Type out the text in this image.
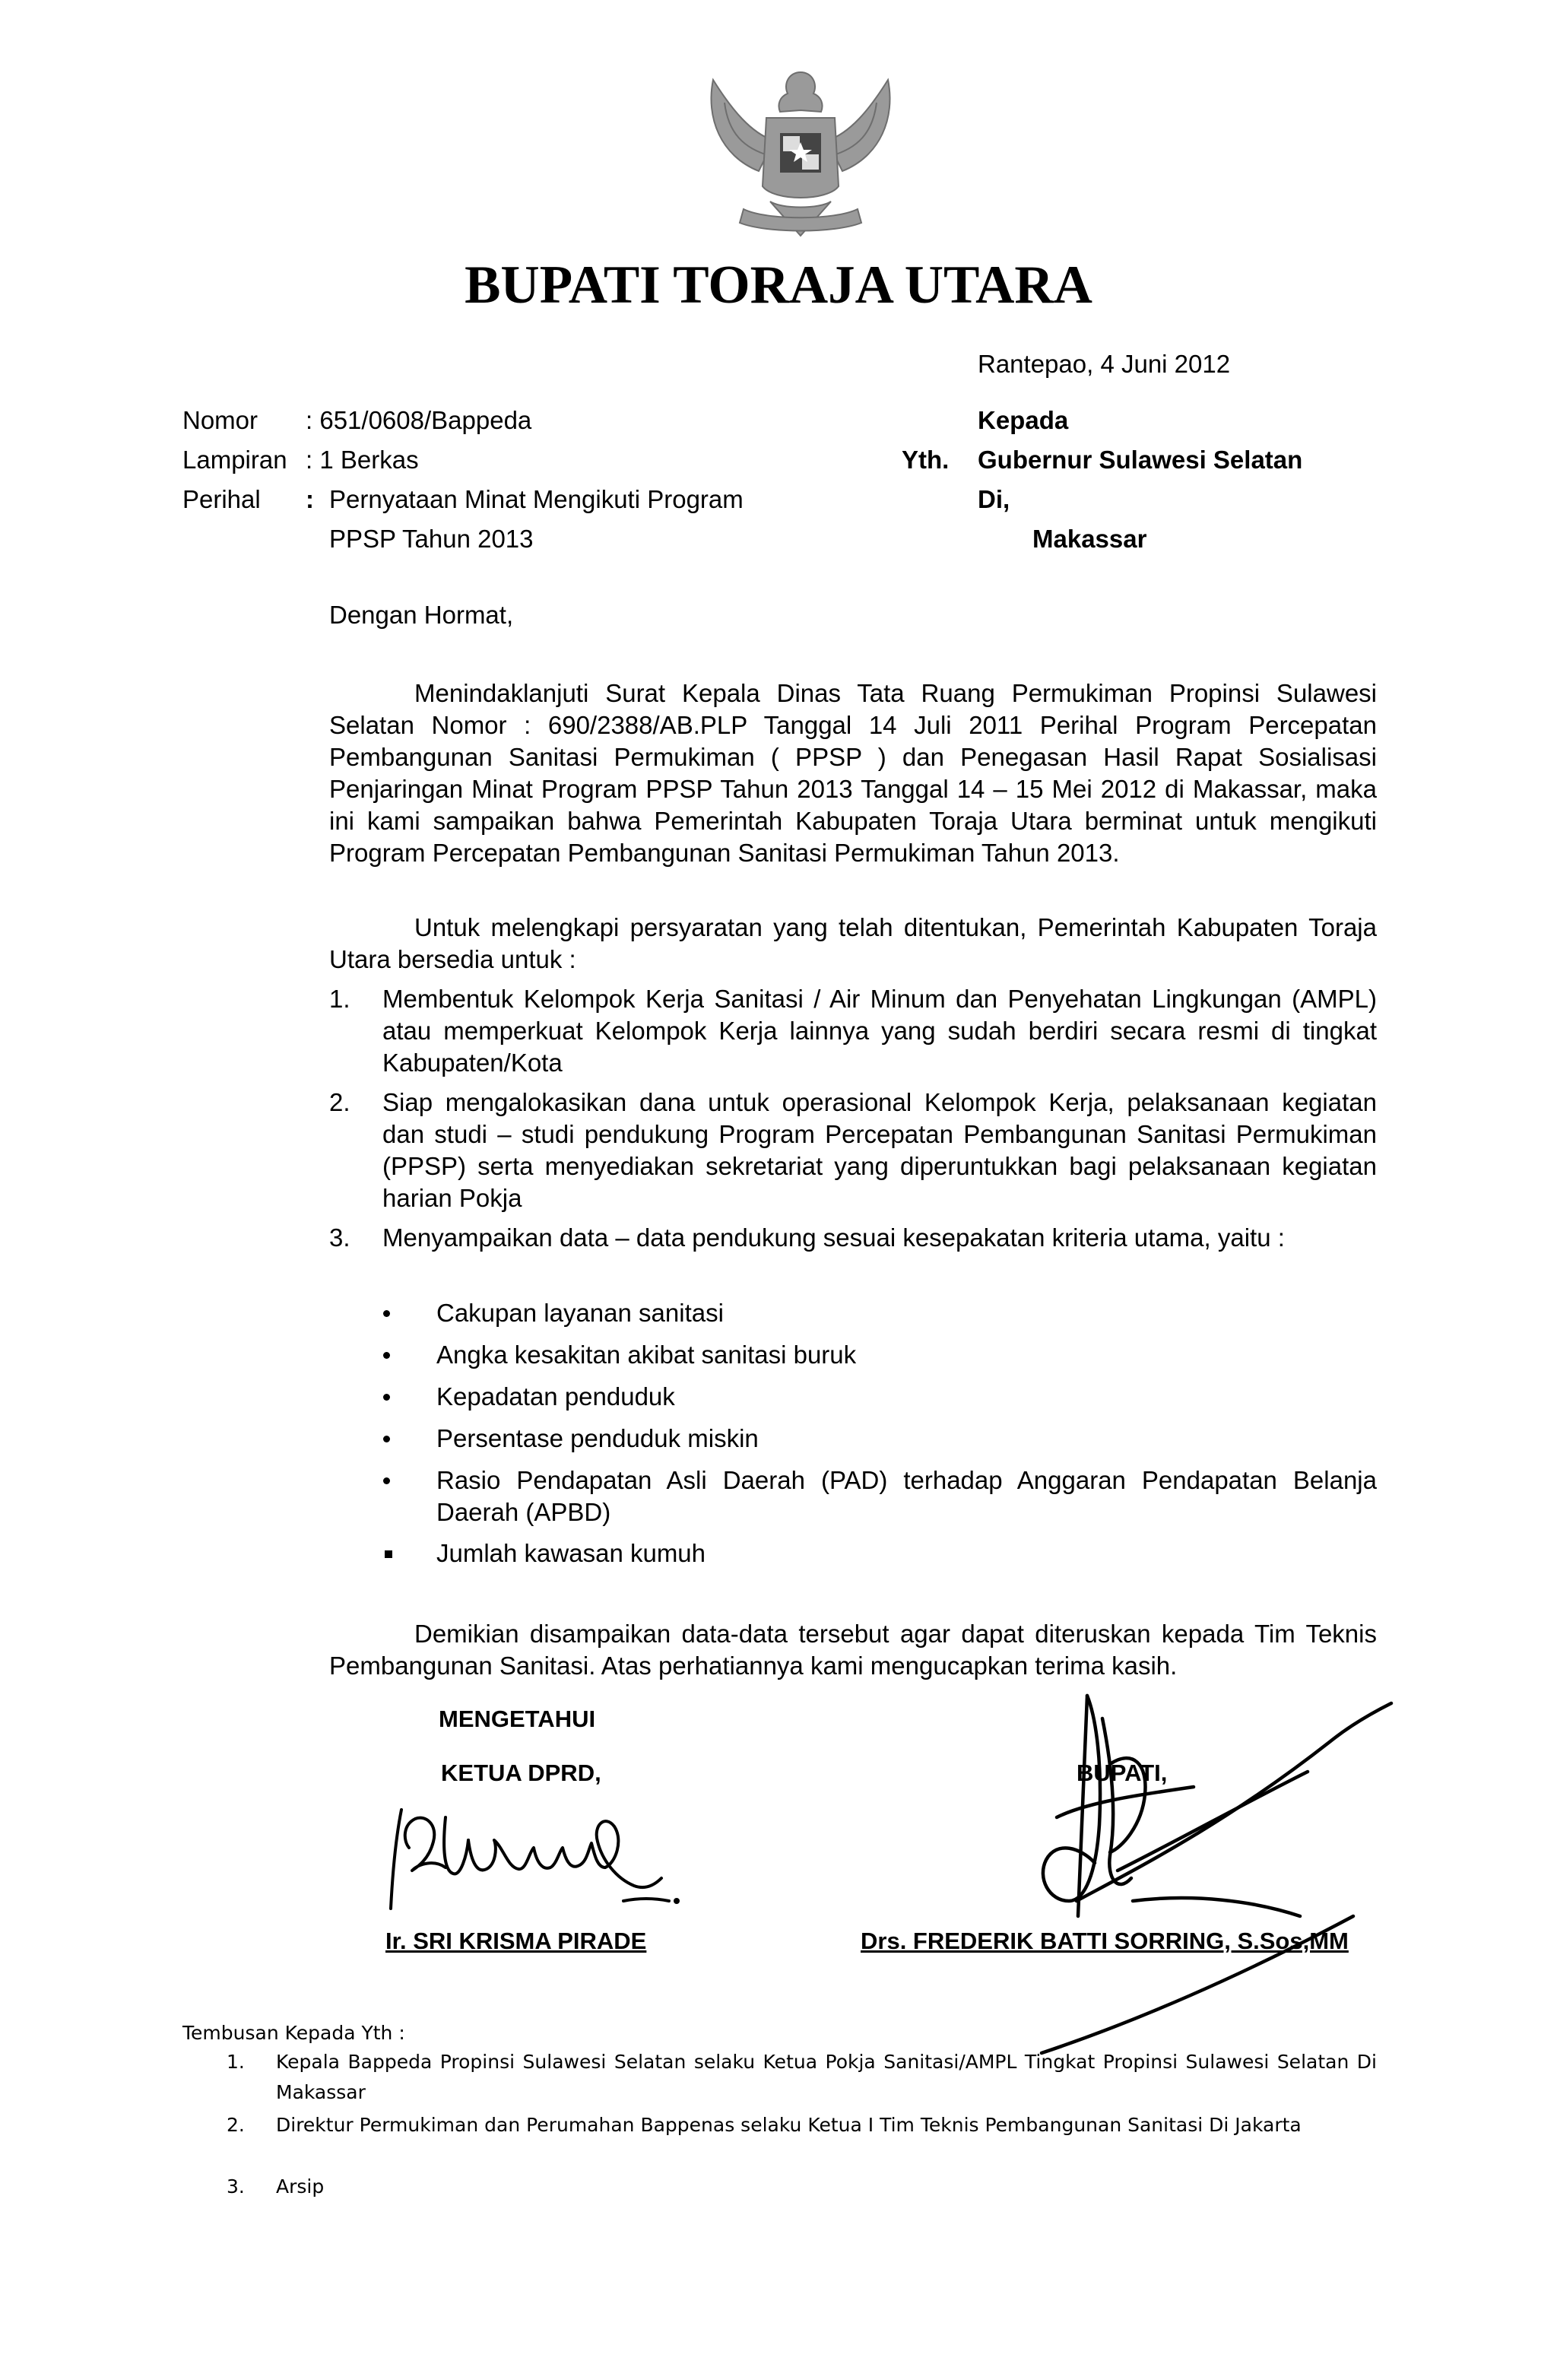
BUPATI TORAJA UTARA
Rantepao, 4 Juni 2012
Nomor : 651/0608/Bappeda
Lampiran : 1 Berkas
Perihal : Pernyataan Minat Mengikuti Program
PPSP Tahun 2013
Kepada
Yth. Gubernur Sulawesi Selatan
Di,
Makassar
Dengan Hormat,
Menindaklanjuti Surat Kepala Dinas Tata Ruang Permukiman Propinsi Sulawesi Selatan Nomor : 690/2388/AB.PLP Tanggal 14 Juli 2011 Perihal Program Percepatan Pembangunan Sanitasi Permukiman ( PPSP ) dan Penegasan Hasil Rapat Sosialisasi Penjaringan Minat Program PPSP Tahun 2013 Tanggal 14 – 15 Mei 2012 di Makassar, maka ini kami sampaikan bahwa Pemerintah Kabupaten Toraja Utara berminat untuk mengikuti Program Percepatan Pembangunan Sanitasi Permukiman Tahun 2013.
Untuk melengkapi persyaratan yang telah ditentukan, Pemerintah Kabupaten Toraja Utara bersedia untuk :
1. Membentuk Kelompok Kerja Sanitasi / Air Minum dan Penyehatan Lingkungan (AMPL) atau memperkuat Kelompok Kerja lainnya yang sudah berdiri secara resmi di tingkat Kabupaten/Kota
2. Siap mengalokasikan dana untuk operasional Kelompok Kerja, pelaksanaan kegiatan dan studi – studi pendukung Program Percepatan Pembangunan Sanitasi Permukiman (PPSP) serta menyediakan sekretariat yang diperuntukkan bagi pelaksanaan kegiatan harian Pokja
3. Menyampaikan data – data pendukung sesuai kesepakatan kriteria utama, yaitu :
Cakupan layanan sanitasi
Angka kesakitan akibat sanitasi buruk
Kepadatan penduduk
Persentase penduduk miskin
Rasio Pendapatan Asli Daerah (PAD) terhadap Anggaran Pendapatan Belanja Daerah (APBD)
Jumlah kawasan kumuh
Demikian disampaikan data-data tersebut agar dapat diteruskan kepada Tim Teknis Pembangunan Sanitasi. Atas perhatiannya kami mengucapkan terima kasih.
MENGETAHUI
KETUA DPRD,	BUPATI,
Ir. SRI KRISMA PIRADE	Drs. FREDERIK BATTI SORRING, S.Sos,MM
Tembusan Kepada Yth :
1. Kepala Bappeda Propinsi Sulawesi Selatan selaku Ketua Pokja Sanitasi/AMPL Tingkat Propinsi Sulawesi Selatan Di Makassar
2. Direktur Permukiman dan Perumahan Bappenas selaku Ketua I Tim Teknis Pembangunan Sanitasi Di Jakarta
3. Arsip
